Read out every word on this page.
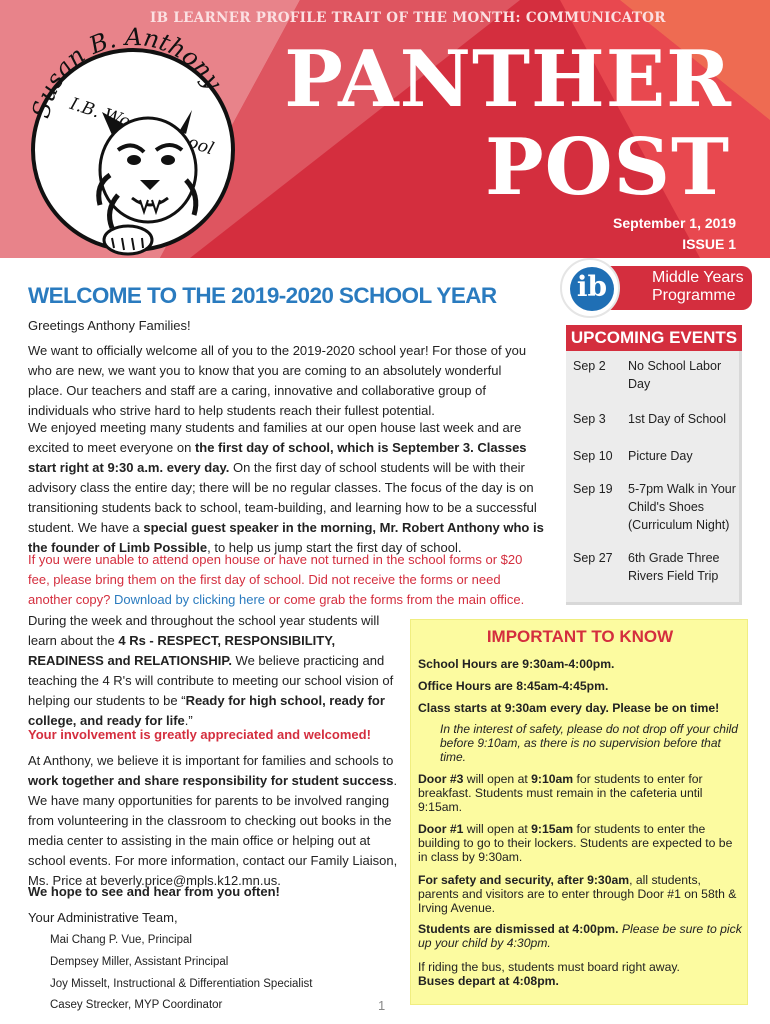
IB LEARNER PROFILE TRAIT OF THE MONTH: COMMUNICATOR
Susan B. Anthony
I.B.	PANTHER
POST
September 1, 2019
ISSUE 1
Middle Years
Programme
ib
WELCOME TO THE 2019-2020 SCHOOL YEAR
Greetings Anthony Families!
We want to officially welcome all of you to the 2019-2020 school year! For those of you who are new, we want you to know that you are coming to an absolutely wonderful place. Our teachers and staff are a caring, innovative and collaborative group of individuals who strive hard to help students reach their fullest potential.
We enjoyed meeting many students and families at our open house last week and are excited to meet everyone on the first day of school, which is September 3. Classes start right at 9:30 a.m. every day. On the first day of school students will be with their advisory class the entire day; there will be no regular classes. The focus of the day is on transitioning students back to school, team-building, and learning how to be a successful student. We have a special guest speaker in the morning, Mr. Robert Anthony who is the founder of Limb Possible, to help us jump start the first day of school.
If you were unable to attend open house or have not turned in the school forms or $20 fee, please bring them on the first day of school. Did not receive the forms or need another copy? Download by clicking here or come grab the forms from the main office.
During the week and throughout the school year students will learn about the 4 Rs - RESPECT, RESPONSIBILITY, READINESS and RELATIONSHIP. We believe practicing and teaching the 4 R's will contribute to meeting our school vision of helping our students to be “Ready for high school, ready for college, and ready for life.”
Your involvement is greatly appreciated and welcomed!
At Anthony, we believe it is important for families and schools to work together and share responsibility for student success. We have many opportunities for parents to be involved ranging from volunteering in the classroom to checking out books in the media center to assisting in the main office or helping out at school events. For more information, contact our Family Liaison, Ms. Price at beverly.price@mpls.k12.mn.us.
We hope to see and hear from you often!
Your Administrative Team,
Mai Chang P. Vue, Principal
Dempsey Miller, Assistant Principal
Joy Misselt, Instructional & Differentiation Specialist
Casey Strecker, MYP Coordinator	1
UPCOMING EVENTS
Sep 2	No School Labor Day
Sep 3	1st Day of School
Sep 10	Picture Day
Sep 19	5-7pm Walk in Your Child's Shoes (Curriculum Night)
Sep 27	6th Grade Three Rivers Field Trip
IMPORTANT TO KNOW
School Hours are 9:30am-4:00pm.
Office Hours are 8:45am-4:45pm.
Class starts at 9:30am every day. Please be on time!
In the interest of safety, please do not drop off your child before 9:10am, as there is no supervision before that time.
Door #3 will open at 9:10am for students to enter for breakfast. Students must remain in the cafeteria until 9:15am.
Door #1 will open at 9:15am for students to enter the building to go to their lockers. Students are expected to be in class by 9:30am.
For safety and security, after 9:30am, all students, parents and visitors are to enter through Door #1 on 58th & Irving Avenue.
Students are dismissed at 4:00pm. Please be sure to pick up your child by 4:30pm.
If riding the bus, students must board right away.
Buses depart at 4:08pm.
